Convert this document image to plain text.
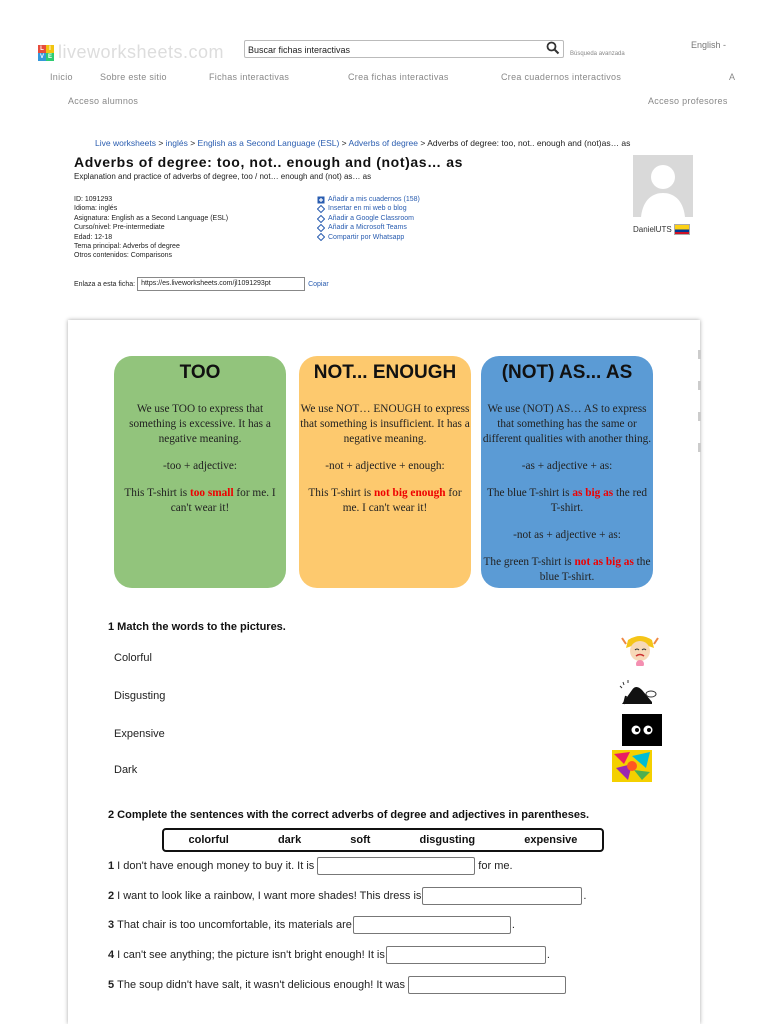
L I
V E liveworksheets.com	Buscar fichas interactivas	Búsqueda avanzada
English -
Inicio	Sobre este sitio	Fichas interactivas	Crea fichas interactivas	Crea cuadernos interactivos	A
Acceso alumnos	Acceso profesores
Live worksheets > inglés > English as a Second Language (ESL) > Adverbs of degree > Adverbs of degree: too, not.. enough and (not)as… as
Adverbs of degree: too, not.. enough and (not)as… as
Explanation and practice of adverbs of degree, too / not… enough and (not) as… as
ID: 1091293
Idioma: inglés
Asignatura: English as a Second Language (ESL)
Curso/nivel: Pre-intermediate
Edad: 12-18
Tema principal: Adverbs of degree
Otros contenidos: Comparisons
Añadir a mis cuadernos (158)
Insertar en mi web o blog
Añadir a Google Classroom
Añadir a Microsoft Teams
Compartir por Whatsapp
DanielUTS
Enlaza a esta ficha: https://es.liveworksheets.com/jl1091293pt	Copiar
TOO

We use TOO to express that something is excessive. It has a negative meaning.

-too + adjective:

This T-shirt is too small for me. I can't wear it!

NOT... ENOUGH

We use NOT… ENOUGH to express that something is insufficient. It has a negative meaning.

-not + adjective + enough:

This T-shirt is not big enough for me. I can't wear it!

(NOT) AS... AS

We use (NOT) AS… AS to express that something has the same or different qualities with another thing.

-as + adjective + as:

The blue T-shirt is as big as the red T-shirt.

-not as + adjective + as:

The green T-shirt is not as big as the blue T-shirt.

1 Match the words to the pictures.
Colorful
Disgusting
Expensive
Dark
2 Complete the sentences with the correct adverbs of degree and adjectives in parentheses.
colorful	dark	soft	disgusting	expensive
1 I don't have enough money to buy it. It is	for me.
2 I want to look like a rainbow, I want more shades! This dress is	.
3 That chair is too uncomfortable, its materials are	.
4 I can't see anything; the picture isn't bright enough! It is	.
5 The soup didn't have salt, it wasn't delicious enough! It was
